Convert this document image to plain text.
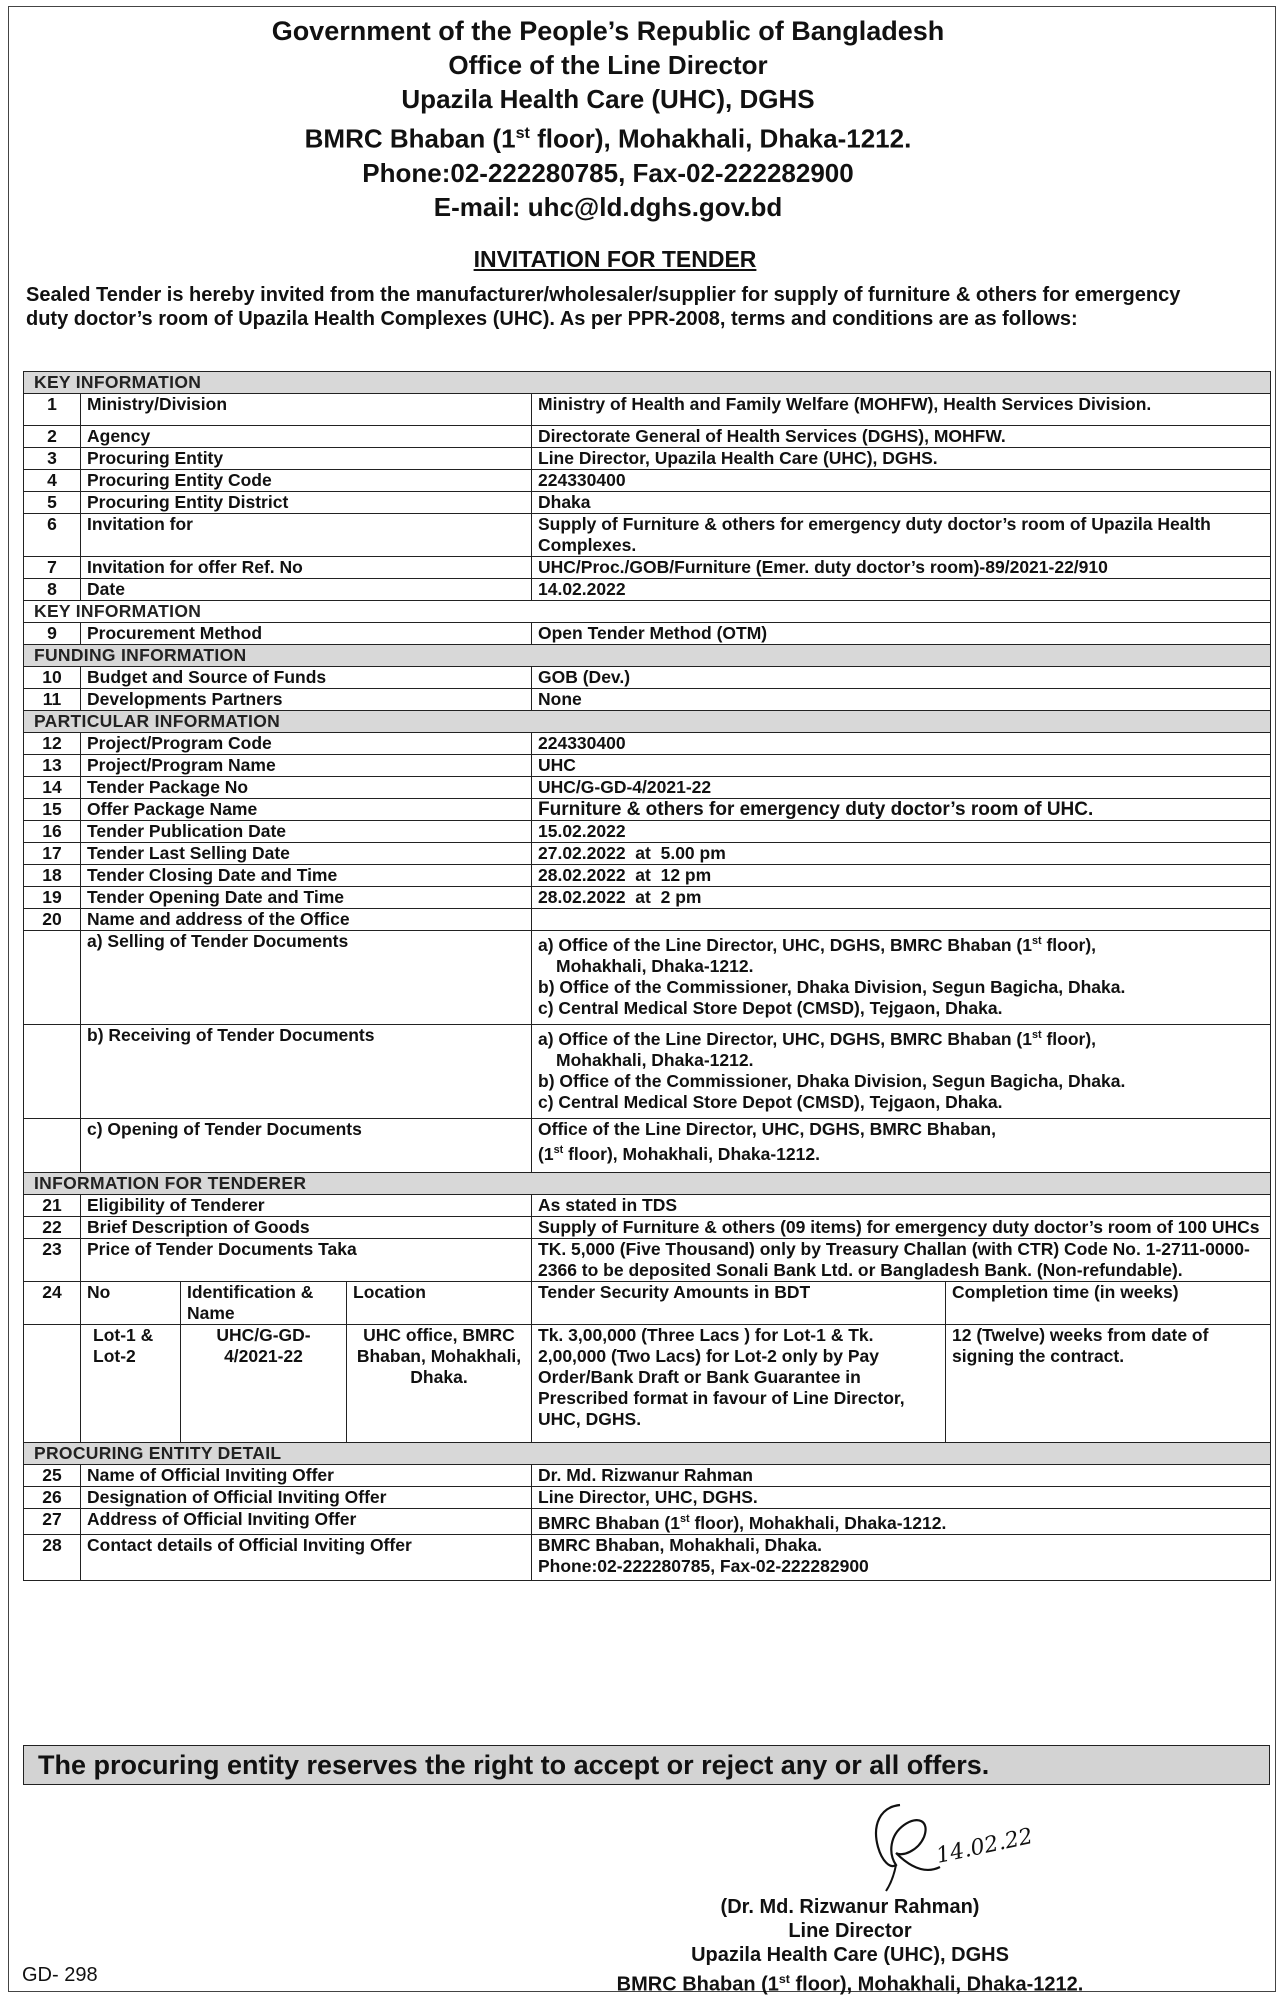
Government of the People’s Republic of Bangladesh
Office of the Line Director
Upazila Health Care (UHC), DGHS
BMRC Bhaban (1st floor), Mohakhali, Dhaka-1212.
Phone:02-222280785, Fax-02-222282900
E-mail: uhc@ld.dghs.gov.bd
INVITATION FOR TENDER
Sealed Tender is hereby invited from the manufacturer/wholesaler/supplier for supply of furniture & others for emergency duty doctor’s room of Upazila Health Complexes (UHC). As per PPR-2008, terms and conditions are as follows:
KEY INFORMATION					
1	Ministry/Division			Ministry of Health and Family Welfare (MOHFW), Health Services Division.	
2	Agency			Directorate General of Health Services (DGHS), MOHFW.	
3	Procuring Entity			Line Director, Upazila Health Care (UHC), DGHS.	
4	Procuring Entity Code			224330400	
5	Procuring Entity District			Dhaka	
6	Invitation for			Supply of Furniture & others for emergency duty doctor’s room of Upazila Health Complexes.	
7	Invitation for offer Ref. No			UHC/Proc./GOB/Furniture (Emer. duty doctor’s room)-89/2021-22/910	
8	Date			14.02.2022	
KEY INFORMATION					
9	Procurement Method			Open Tender Method (OTM)	
FUNDING INFORMATION					
10	Budget and Source of Funds			GOB (Dev.)	
11	Developments Partners			None	
PARTICULAR INFORMATION					
12	Project/Program Code			224330400	
13	Project/Program Name			UHC	
14	Tender Package No			UHC/G-GD-4/2021-22	
15	Offer Package Name			Furniture & others for emergency duty doctor’s room of UHC.	
16	Tender Publication Date			15.02.2022	
17	Tender Last Selling Date			27.02.2022  at  5.00 pm	
18	Tender Closing Date and Time			28.02.2022  at  12 pm	
19	Tender Opening Date and Time			28.02.2022  at  2 pm	
20	Name and address of the Office				
	a) Selling of Tender Documents			a) Office of the Line Director, UHC, DGHS, BMRC Bhaban (1st floor),
Mohakhali, Dhaka-1212.
b) Office of the Commissioner, Dhaka Division, Segun Bagicha, Dhaka.
c) Central Medical Store Depot (CMSD), Tejgaon, Dhaka.	

	b) Receiving of Tender Documents			a) Office of the Line Director, UHC, DGHS, BMRC Bhaban (1st floor),
Mohakhali, Dhaka-1212.
b) Office of the Commissioner, Dhaka Division, Segun Bagicha, Dhaka.
c) Central Medical Store Depot (CMSD), Tejgaon, Dhaka.	

	c) Opening of Tender Documents			Office of the Line Director, UHC, DGHS, BMRC Bhaban,
(1st floor), Mohakhali, Dhaka-1212.	

INFORMATION FOR TENDERER					
21	Eligibility of Tenderer			As stated in TDS	
22	Brief Description of Goods			Supply of Furniture & others (09 items) for emergency duty doctor’s room of 100 UHCs	
23	Price of Tender Documents Taka			TK. 5,000 (Five Thousand) only by Treasury Challan (with CTR) Code No. 1-2711-0000-2366 to be deposited Sonali Bank Ltd. or Bangladesh Bank. (Non-refundable).	
24	No	Identification & Name	Location	Tender Security Amounts in BDT	Completion time (in weeks)
	Lot-1 & Lot-2	UHC/G-GD-4/2021-22	UHC office, BMRC Bhaban, Mohakhali, Dhaka.	Tk. 3,00,000 (Three Lacs ) for Lot-1 & Tk. 2,00,000 (Two Lacs) for Lot-2 only by Pay Order/Bank Draft or Bank Guarantee in Prescribed format in favour of Line Director, UHC, DGHS.	12 (Twelve) weeks from date of signing the contract.
PROCURING ENTITY DETAIL					
25	Name of Official Inviting Offer			Dr. Md. Rizwanur Rahman	
26	Designation of Official Inviting Offer			Line Director, UHC, DGHS.	
27	Address of Official Inviting Offer			BMRC Bhaban (1st floor), Mohakhali, Dhaka-1212.	
28	Contact details of Official Inviting Offer			BMRC Bhaban, Mohakhali, Dhaka.
Phone:02-222280785, Fax-02-222282900	
The procuring entity reserves the right to accept or reject any or all offers.
14.02.22
(Dr. Md. Rizwanur Rahman)
Line Director
Upazila Health Care (UHC), DGHS
BMRC Bhaban (1st floor), Mohakhali, Dhaka-1212.
GD- 298
